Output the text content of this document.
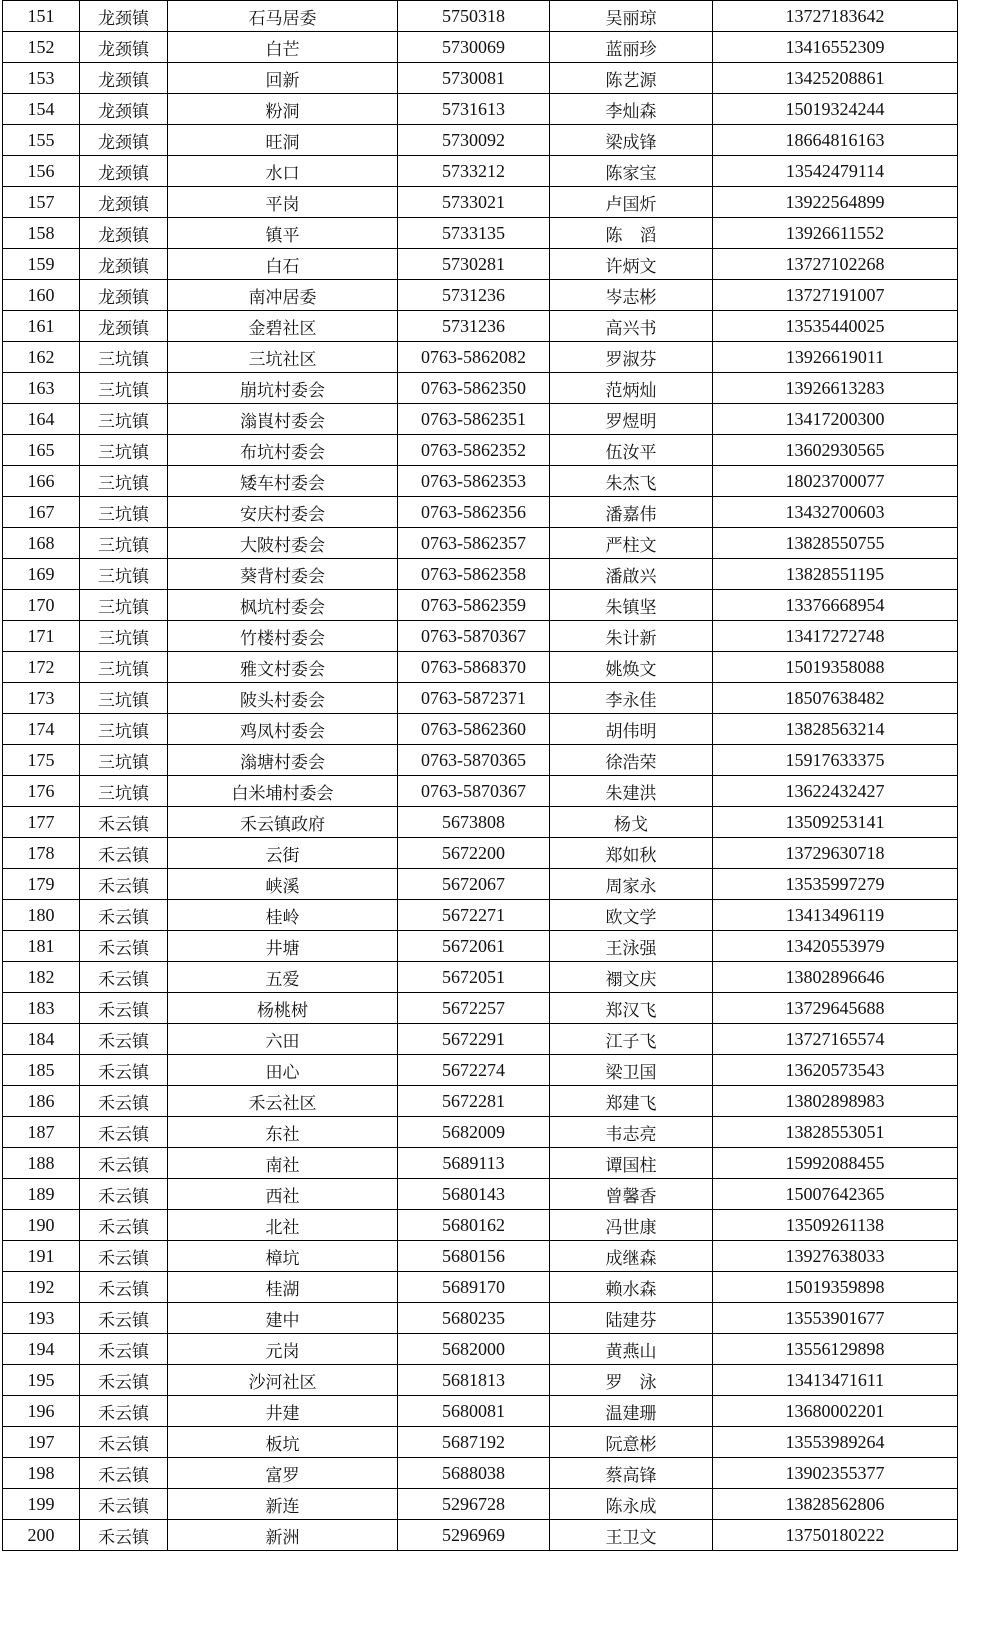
151	龙颈镇	石马居委	5750318	吴丽琼	13727183642
152	龙颈镇	白芒	5730069	蓝丽珍	13416552309
153	龙颈镇	回新	5730081	陈艺源	13425208861
154	龙颈镇	粉洞	5731613	李灿森	15019324244
155	龙颈镇	旺洞	5730092	梁成锋	18664816163
156	龙颈镇	水口	5733212	陈家宝	13542479114
157	龙颈镇	平岗	5733021	卢国炘	13922564899
158	龙颈镇	镇平	5733135	陈　滔	13926611552
159	龙颈镇	白石	5730281	许炳文	13727102268
160	龙颈镇	南冲居委	5731236	岑志彬	13727191007
161	龙颈镇	金碧社区	5731236	高兴书	13535440025
162	三坑镇	三坑社区	0763-5862082	罗淑芬	13926619011
163	三坑镇	崩坑村委会	0763-5862350	范炳灿	13926613283
164	三坑镇	滃崀村委会	0763-5862351	罗煜明	13417200300
165	三坑镇	布坑村委会	0763-5862352	伍汝平	13602930565
166	三坑镇	矮车村委会	0763-5862353	朱杰飞	18023700077
167	三坑镇	安庆村委会	0763-5862356	潘嘉伟	13432700603
168	三坑镇	大陂村委会	0763-5862357	严柱文	13828550755
169	三坑镇	葵背村委会	0763-5862358	潘啟兴	13828551195
170	三坑镇	枫坑村委会	0763-5862359	朱镇坚	13376668954
171	三坑镇	竹楼村委会	0763-5870367	朱计新	13417272748
172	三坑镇	雅文村委会	0763-5868370	姚焕文	15019358088
173	三坑镇	陂头村委会	0763-5872371	李永佳	18507638482
174	三坑镇	鸡凤村委会	0763-5862360	胡伟明	13828563214
175	三坑镇	滃塘村委会	0763-5870365	徐浩荣	15917633375
176	三坑镇	白米埔村委会	0763-5870367	朱建洪	13622432427
177	禾云镇	禾云镇政府	5673808	杨戈	13509253141
178	禾云镇	云街	5672200	郑如秋	13729630718
179	禾云镇	峡溪	5672067	周家永	13535997279
180	禾云镇	桂岭	5672271	欧文学	13413496119
181	禾云镇	井塘	5672061	王泳强	13420553979
182	禾云镇	五爱	5672051	禤文庆	13802896646
183	禾云镇	杨桃树	5672257	郑汉飞	13729645688
184	禾云镇	六田	5672291	江子飞	13727165574
185	禾云镇	田心	5672274	梁卫国	13620573543
186	禾云镇	禾云社区	5672281	郑建飞	13802898983
187	禾云镇	东社	5682009	韦志亮	13828553051
188	禾云镇	南社	5689113	谭国柱	15992088455
189	禾云镇	西社	5680143	曾馨香	15007642365
190	禾云镇	北社	5680162	冯世康	13509261138
191	禾云镇	樟坑	5680156	成继森	13927638033
192	禾云镇	桂湖	5689170	赖水森	15019359898
193	禾云镇	建中	5680235	陆建芬	13553901677
194	禾云镇	元岗	5682000	黄燕山	13556129898
195	禾云镇	沙河社区	5681813	罗　泳	13413471611
196	禾云镇	井建	5680081	温建珊	13680002201
197	禾云镇	板坑	5687192	阮意彬	13553989264
198	禾云镇	富罗	5688038	蔡高锋	13902355377
199	禾云镇	新连	5296728	陈永成	13828562806
200	禾云镇	新洲	5296969	王卫文	13750180222
